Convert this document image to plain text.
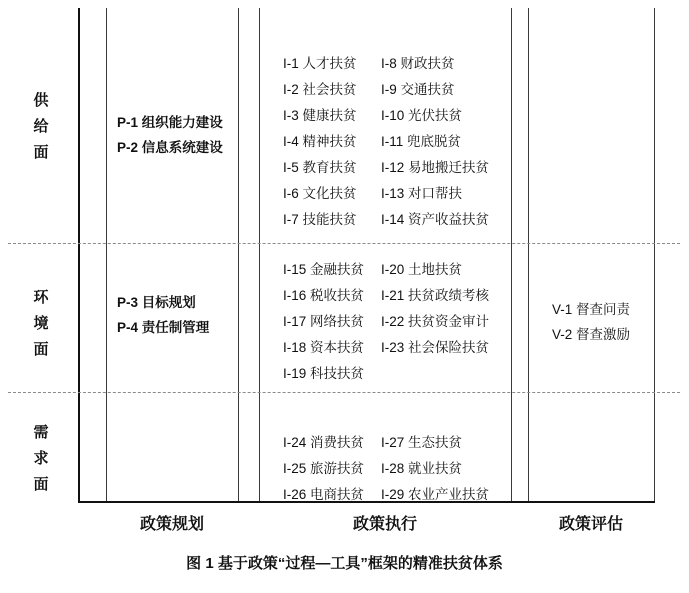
供
给
面
环
境
面
需
求
面
P-1 组织能力建设
P-2 信息系统建设
P-3 目标规划
P-4 责任制管理
I-1 人才扶贫
I-2 社会扶贫
I-3 健康扶贫
I-4 精神扶贫
I-5 教育扶贫
I-6 文化扶贫
I-7 技能扶贫
I-8 财政扶贫
I-9 交通扶贫
I-10 光伏扶贫
I-11 兜底脱贫
I-12 易地搬迁扶贫
I-13 对口帮扶
I-14 资产收益扶贫
I-15 金融扶贫
I-16 税收扶贫
I-17 网络扶贫
I-18 资本扶贫
I-19 科技扶贫
I-20 土地扶贫
I-21 扶贫政绩考核
I-22 扶贫资金审计
I-23 社会保险扶贫
I-24 消费扶贫
I-25 旅游扶贫
I-26 电商扶贫
I-27 生态扶贫
I-28 就业扶贫
I-29 农业产业扶贫
V-1 督查问责
V-2 督查激励
政策规划	政策执行	政策评估
图 1 基于政策“过程—工具”框架的精准扶贫体系
